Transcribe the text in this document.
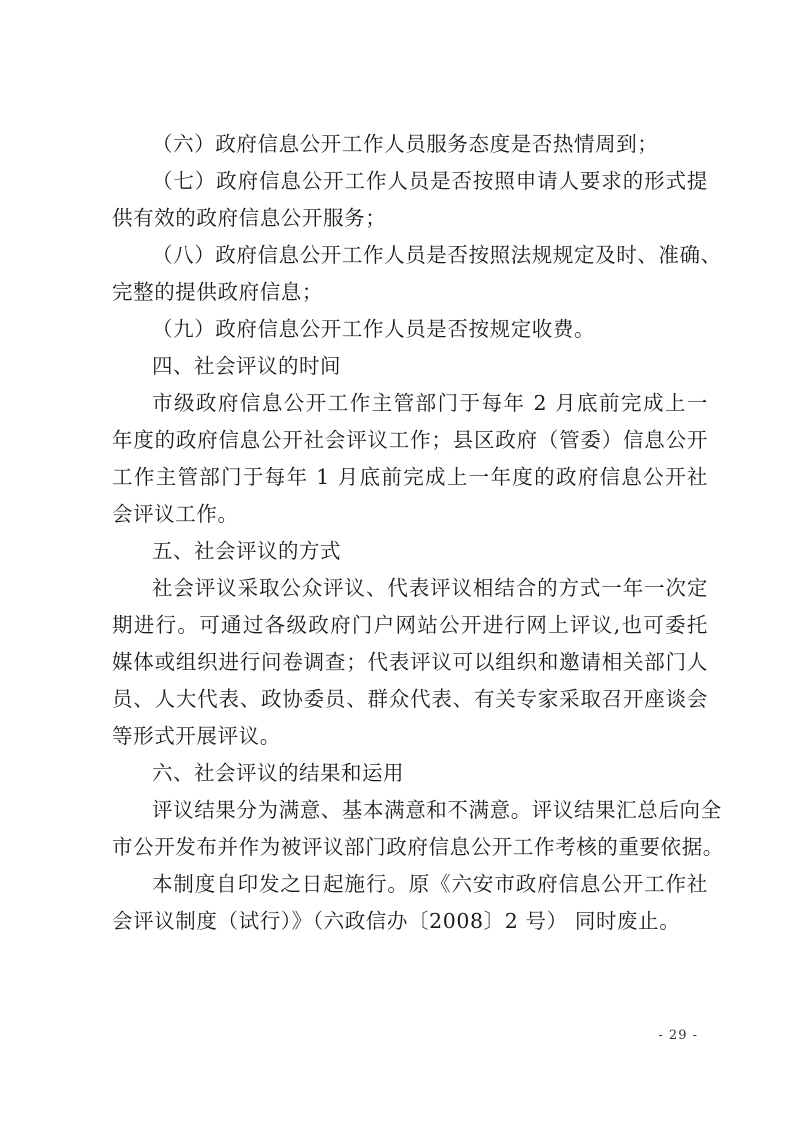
（六）政府信息公开工作人员服务态度是否热情周到；
（七）政府信息公开工作人员是否按照申请人要求的形式提
供有效的政府信息公开服务；
（八）政府信息公开工作人员是否按照法规规定及时、准确、
完整的提供政府信息；
（九）政府信息公开工作人员是否按规定收费。
四、社会评议的时间
市级政府信息公开工作主管部门于每年 2 月底前完成上一
年度的政府信息公开社会评议工作；县区政府（管委）信息公开
工作主管部门于每年 1 月底前完成上一年度的政府信息公开社
会评议工作。
五、社会评议的方式
社会评议采取公众评议、代表评议相结合的方式一年一次定
期进行。可通过各级政府门户网站公开进行网上评议,也可委托
媒体或组织进行问卷调查；代表评议可以组织和邀请相关部门人
员、人大代表、政协委员、群众代表、有关专家采取召开座谈会
等形式开展评议。
六、社会评议的结果和运用
评议结果分为满意、基本满意和不满意。评议结果汇总后向全
市公开发布并作为被评议部门政府信息公开工作考核的重要依据。
本制度自印发之日起施行。原《六安市政府信息公开工作社
会评议制度（试行）》（六政信办〔2008〕2 号） 同时废止。
- 29 -
